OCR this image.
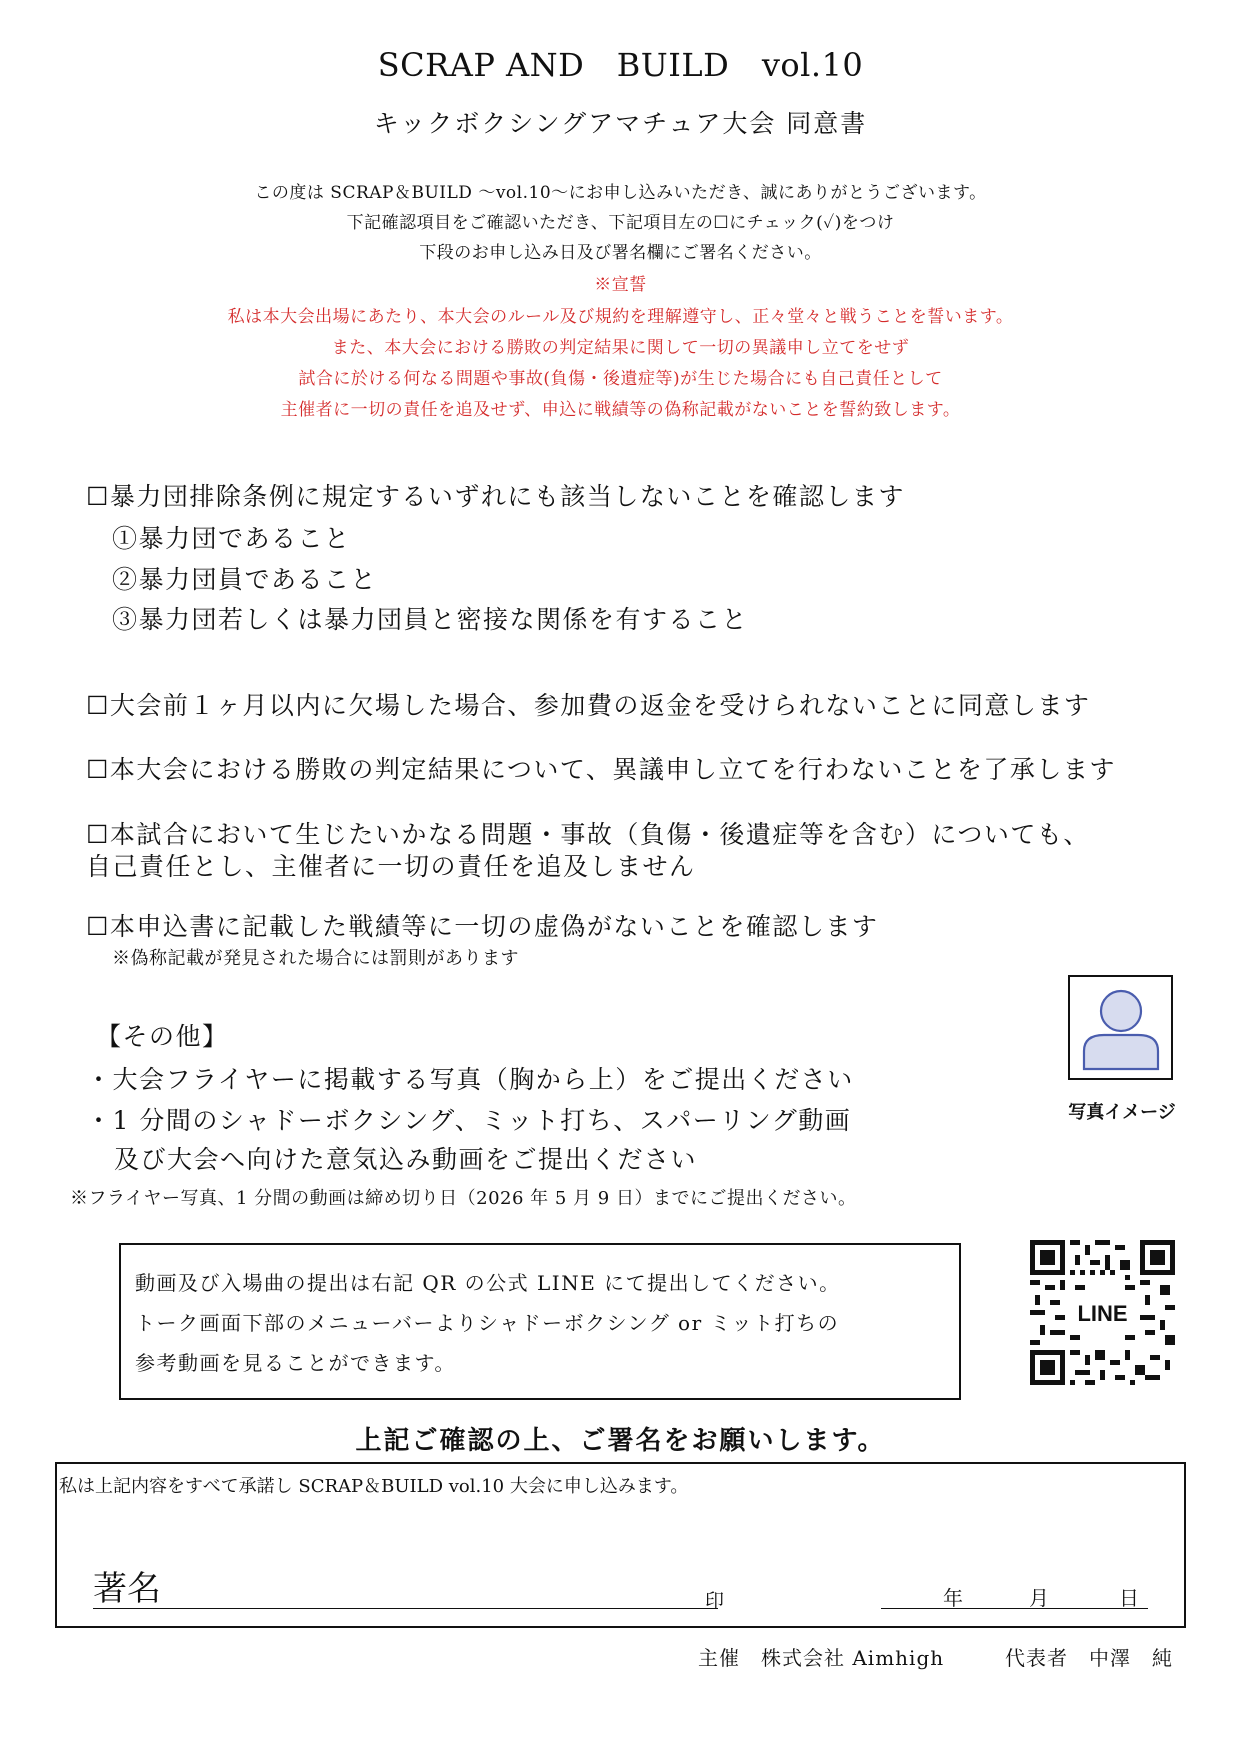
SCRAP AND　BUILD　vol.10
キックボクシングアマチュア大会 同意書
この度は SCRAP＆BUILD ～vol.10～にお申し込みいただき、誠にありがとうございます。
下記確認項目をご確認いただき、下記項目左の☐にチェック(✓)をつけ
下段のお申し込み日及び署名欄にご署名ください。
※宣誓
私は本大会出場にあたり、本大会のルール及び規約を理解遵守し、正々堂々と戦うことを誓います。
また、本大会における勝敗の判定結果に関して一切の異議申し立てをせず
試合に於ける何なる問題や事故(負傷・後遺症等)が生じた場合にも自己責任として
主催者に一切の責任を追及せず、申込に戦績等の偽称記載がないことを誓約致します。
☐暴力団排除条例に規定するいずれにも該当しないことを確認します
①暴力団であること
②暴力団員であること
③暴力団若しくは暴力団員と密接な関係を有すること
☐大会前１ヶ月以内に欠場した場合、参加費の返金を受けられないことに同意します
☐本大会における勝敗の判定結果について、異議申し立てを行わないことを了承します
☐本試合において生じたいかなる問題・事故（負傷・後遺症等を含む）についても、
自己責任とし、主催者に一切の責任を追及しません
☐本申込書に記載した戦績等に一切の虚偽がないことを確認します
※偽称記載が発見された場合には罰則があります
【その他】
・大会フライヤーに掲載する写真（胸から上）をご提出ください
・1 分間のシャドーボクシング、ミット打ち、スパーリング動画
及び大会へ向けた意気込み動画をご提出ください
※フライヤー写真、1 分間の動画は締め切り日（2026 年 5 月 9 日）までにご提出ください。
写真イメージ
動画及び入場曲の提出は右記 QR の公式 LINE にて提出してください。
トーク画面下部のメニューバーよりシャドーボクシング or ミット打ちの
参考動画を見ることができます。
LINE
上記ご確認の上、ご署名をお願いします。
私は上記内容をすべて承諾し SCRAP＆BUILD vol.10 大会に申し込みます。
著名	印	年	月	日
主催　株式会社 Aimhigh	代表者　中澤　純
